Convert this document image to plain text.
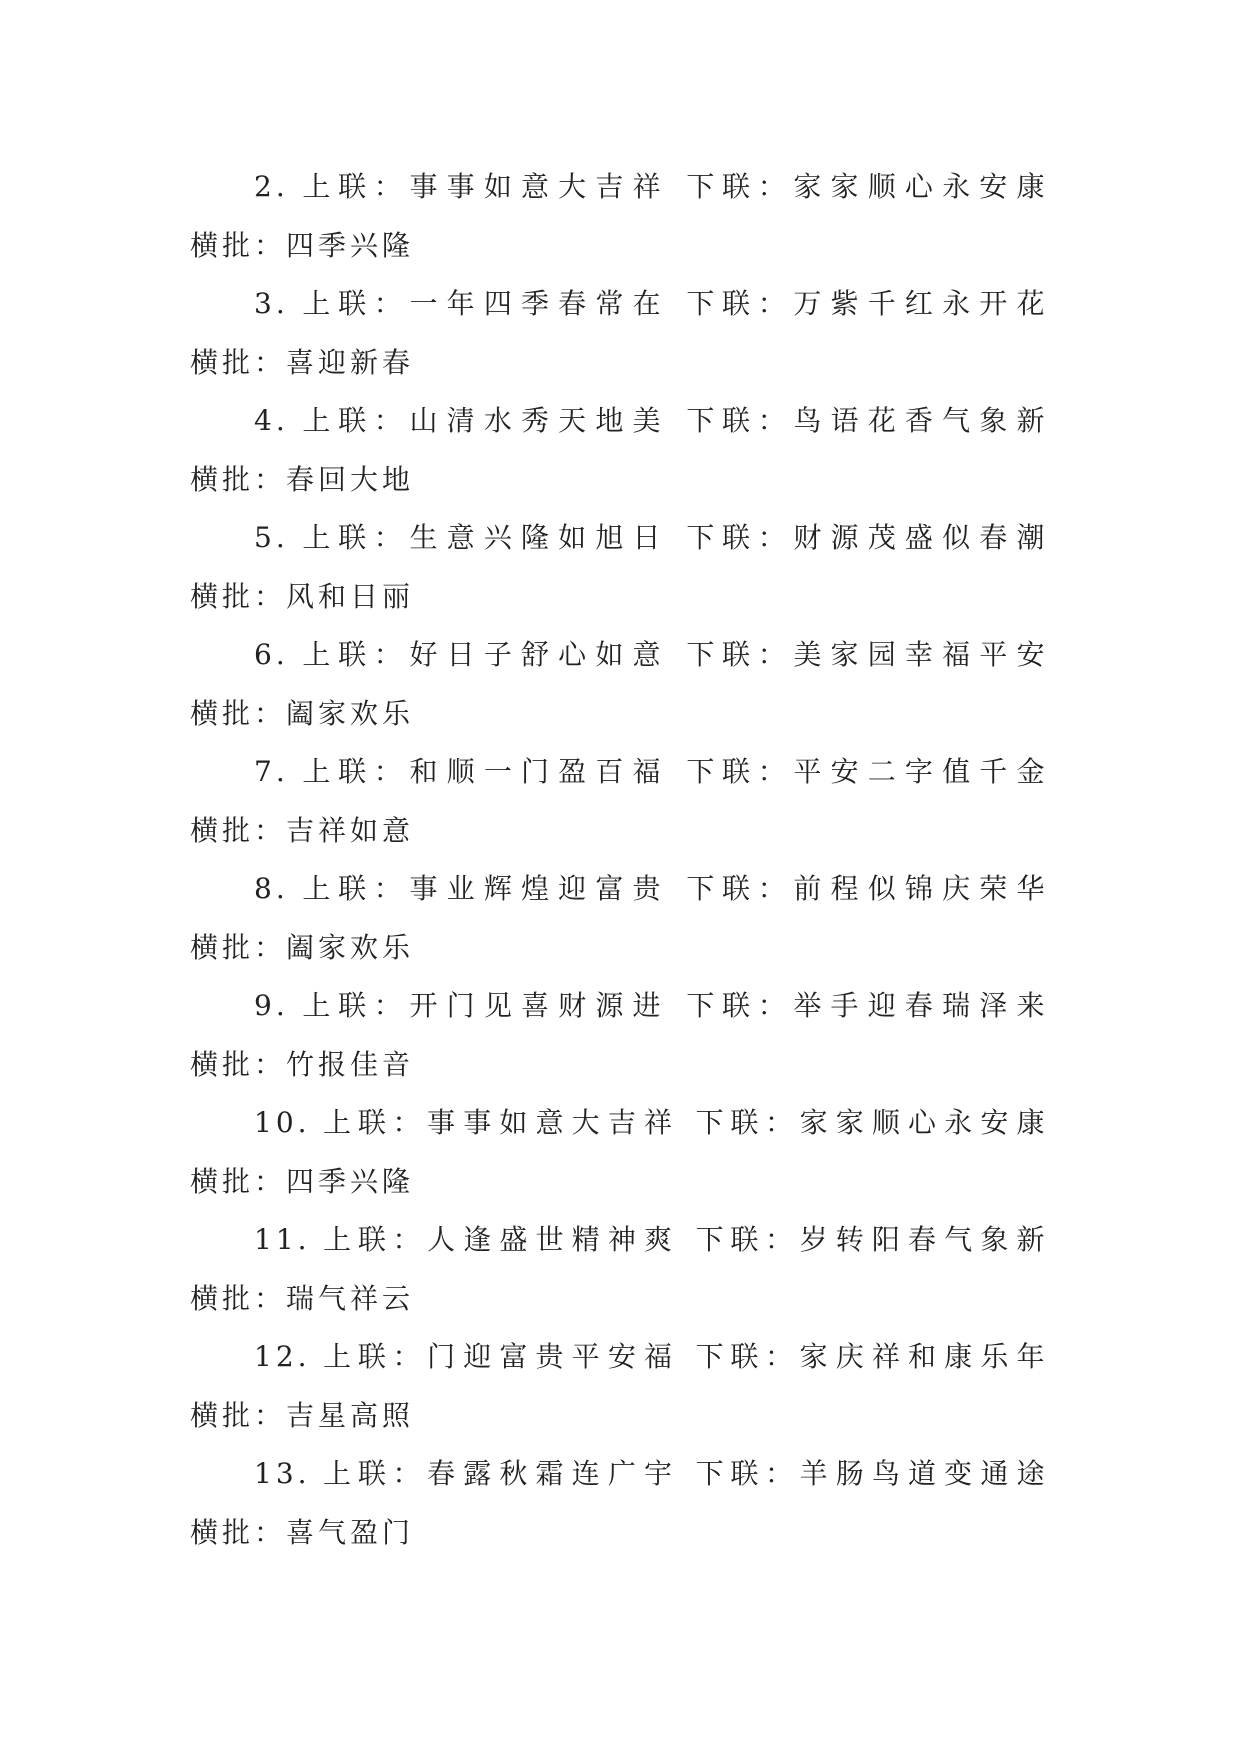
2. 上联：事事如意大吉祥 下联：家家顺心永安康 横批：四季兴隆

3. 上联：一年四季春常在 下联：万紫千红永开花 横批：喜迎新春

4. 上联：山清水秀天地美 下联：鸟语花香气象新 横批：春回大地

5. 上联：生意兴隆如旭日 下联：财源茂盛似春潮 横批：风和日丽

6. 上联：好日子舒心如意 下联：美家园幸福平安 横批：阖家欢乐

7. 上联：和顺一门盈百福 下联：平安二字值千金 横批：吉祥如意

8. 上联：事业辉煌迎富贵 下联：前程似锦庆荣华 横批：阖家欢乐

9. 上联：开门见喜财源进 下联：举手迎春瑞泽来 横批：竹报佳音

10. 上联：事事如意大吉祥 下联：家家顺心永安康 横批：四季兴隆

11. 上联：人逢盛世精神爽 下联：岁转阳春气象新 横批：瑞气祥云

12. 上联：门迎富贵平安福 下联：家庆祥和康乐年 横批：吉星高照

13. 上联：春露秋霜连广宇 下联：羊肠鸟道变通途 横批：喜气盈门
